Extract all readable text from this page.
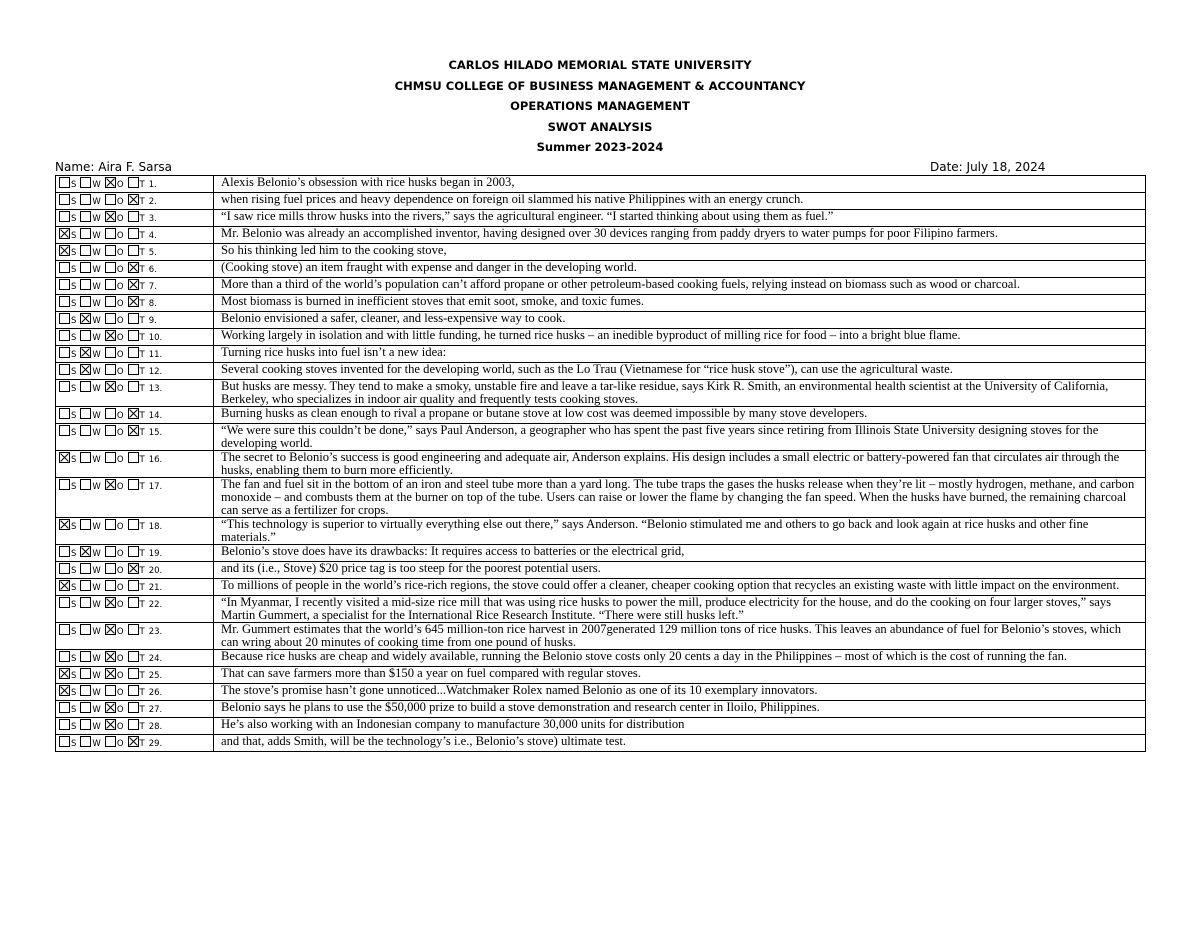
CARLOS HILADO MEMORIAL STATE UNIVERSITY
CHMSU COLLEGE OF BUSINESS MANAGEMENT & ACCOUNTANCY
OPERATIONS MANAGEMENT
SWOT ANALYSIS
Summer 2023-2024
Name: Aira F. Sarsa	Date: July 18, 2024
S W O T 1.	Alexis Belonio’s obsession with rice husks began in 2003,
S W O T 2.	when rising fuel prices and heavy dependence on foreign oil slammed his native Philippines with an energy crunch.
S W O T 3.	“I saw rice mills throw husks into the rivers,” says the agricultural engineer. “I started thinking about using them as fuel.”
S W O T 4.	Mr. Belonio was already an accomplished inventor, having designed over 30 devices ranging from paddy dryers to water pumps for poor Filipino farmers.
S W O T 5.	So his thinking led him to the cooking stove,
S W O T 6.	(Cooking stove) an item fraught with expense and danger in the developing world.
S W O T 7.	More than a third of the world’s population can’t afford propane or other petroleum-based cooking fuels, relying instead on biomass such as wood or charcoal.
S W O T 8.	Most biomass is burned in inefficient stoves that emit soot, smoke, and toxic fumes.
S W O T 9.	Belonio envisioned a safer, cleaner, and less-expensive way to cook.
S W O T 10.	Working largely in isolation and with little funding, he turned rice husks – an inedible byproduct of milling rice for food – into a bright blue flame.
S W O T 11.	Turning rice husks into fuel isn’t a new idea:
S W O T 12.	Several cooking stoves invented for the developing world, such as the Lo Trau (Vietnamese for “rice husk stove”), can use the agricultural waste.
S W O T 13.	But husks are messy. They tend to make a smoky, unstable fire and leave a tar-like residue, says Kirk R. Smith, an environmental health scientist at the University of California, Berkeley, who specializes in indoor air quality and frequently tests cooking stoves.
S W O T 14.	Burning husks as clean enough to rival a propane or butane stove at low cost was deemed impossible by many stove developers.
S W O T 15.	“We were sure this couldn’t be done,” says Paul Anderson, a geographer who has spent the past five years since retiring from Illinois State University designing stoves for the developing world.
S W O T 16.	The secret to Belonio’s success is good engineering and adequate air, Anderson explains. His design includes a small electric or battery-powered fan that circulates air through the husks, enabling them to burn more efficiently.
S W O T 17.	The fan and fuel sit in the bottom of an iron and steel tube more than a yard long. The tube traps the gases the husks release when they’re lit – mostly hydrogen, methane, and carbon monoxide – and combusts them at the burner on top of the tube. Users can raise or lower the flame by changing the fan speed. When the husks have burned, the remaining charcoal can serve as a fertilizer for crops.
S W O T 18.	“This technology is superior to virtually everything else out there,” says Anderson. “Belonio stimulated me and others to go back and look again at rice husks and other fine materials.”
S W O T 19.	Belonio’s stove does have its drawbacks: It requires access to batteries or the electrical grid,
S W O T 20.	and its (i.e., Stove) $20 price tag is too steep for the poorest potential users.
S W O T 21.	To millions of people in the world’s rice-rich regions, the stove could offer a cleaner, cheaper cooking option that recycles an existing waste with little impact on the environment.
S W O T 22.	“In Myanmar, I recently visited a mid-size rice mill that was using rice husks to power the mill, produce electricity for the house, and do the cooking on four larger stoves,” says Martin Gummert, a specialist for the International Rice Research Institute. “There were still husks left.”
S W O T 23.	Mr. Gummert estimates that the world’s 645 million-ton rice harvest in 2007generated 129 million tons of rice husks. This leaves an abundance of fuel for Belonio’s stoves, which can wring about 20 minutes of cooking time from one pound of husks.
S W O T 24.	Because rice husks are cheap and widely available, running the Belonio stove costs only 20 cents a day in the Philippines – most of which is the cost of running the fan.
S W O T 25.	That can save farmers more than $150 a year on fuel compared with regular stoves.
S W O T 26.	The stove’s promise hasn’t gone unnoticed...Watchmaker Rolex named Belonio as one of its 10 exemplary innovators.
S W O T 27.	Belonio says he plans to use the $50,000 prize to build a stove demonstration and research center in Iloilo, Philippines.
S W O T 28.	He’s also working with an Indonesian company to manufacture 30,000 units for distribution
S W O T 29.	and that, adds Smith, will be the technology’s i.e., Belonio’s stove) ultimate test.
